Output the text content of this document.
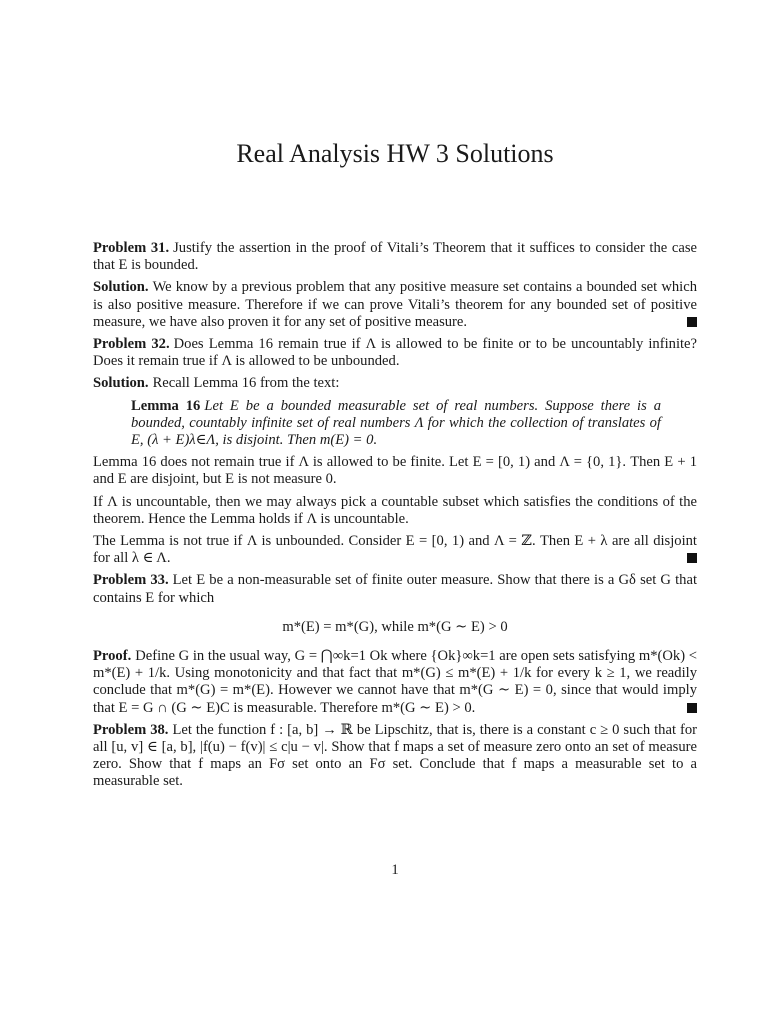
Real Analysis HW 3 Solutions

Problem 31. Justify the assertion in the proof of Vitali’s Theorem that it suffices to consider the case that E is bounded.

Solution. We know by a previous problem that any positive measure set contains a bounded set which is also positive measure. Therefore if we can prove Vitali’s theorem for any bounded set of positive measure, we have also proven it for any set of positive measure.

Problem 32. Does Lemma 16 remain true if Λ is allowed to be finite or to be uncountably infinite? Does it remain true if Λ is allowed to be unbounded.

Solution. Recall Lemma 16 from the text:

Lemma 16 Let E be a bounded measurable set of real numbers. Suppose there is a bounded, countably infinite set of real numbers Λ for which the collection of translates of E, (λ + E)λ∈Λ, is disjoint. Then m(E) = 0.

Lemma 16 does not remain true if Λ is allowed to be finite. Let E = [0, 1) and Λ = {0, 1}. Then E + 1 and E are disjoint, but E is not measure 0.

If Λ is uncountable, then we may always pick a countable subset which satisfies the conditions of the theorem. Hence the Lemma holds if Λ is uncountable.

The Lemma is not true if Λ is unbounded. Consider E = [0, 1) and Λ = ℤ. Then E + λ are all disjoint for all λ ∈ Λ.

Problem 33. Let E be a non-measurable set of finite outer measure. Show that there is a Gδ set G that contains E for which

m*(E) = m*(G), while m*(G ∼ E) > 0

Proof. Define G in the usual way, G = ⋂∞k=1 Ok where {Ok}∞k=1 are open sets satisfying m*(Ok) < m*(E) + 1/k. Using monotonicity and that fact that m*(G) ≤ m*(E) + 1/k for every k ≥ 1, we readily conclude that m*(G) = m*(E). However we cannot have that m*(G ∼ E) = 0, since that would imply that E = G ∩ (G ∼ E)C is measurable. Therefore m*(G ∼ E) > 0.

Problem 38. Let the function f : [a, b] → ℝ be Lipschitz, that is, there is a constant c ≥ 0 such that for all [u, v] ∈ [a, b], |f(u) − f(v)| ≤ c|u − v|. Show that f maps a set of measure zero onto an set of measure zero. Show that f maps an Fσ set onto an Fσ set. Conclude that f maps a measurable set to a measurable set.

1
